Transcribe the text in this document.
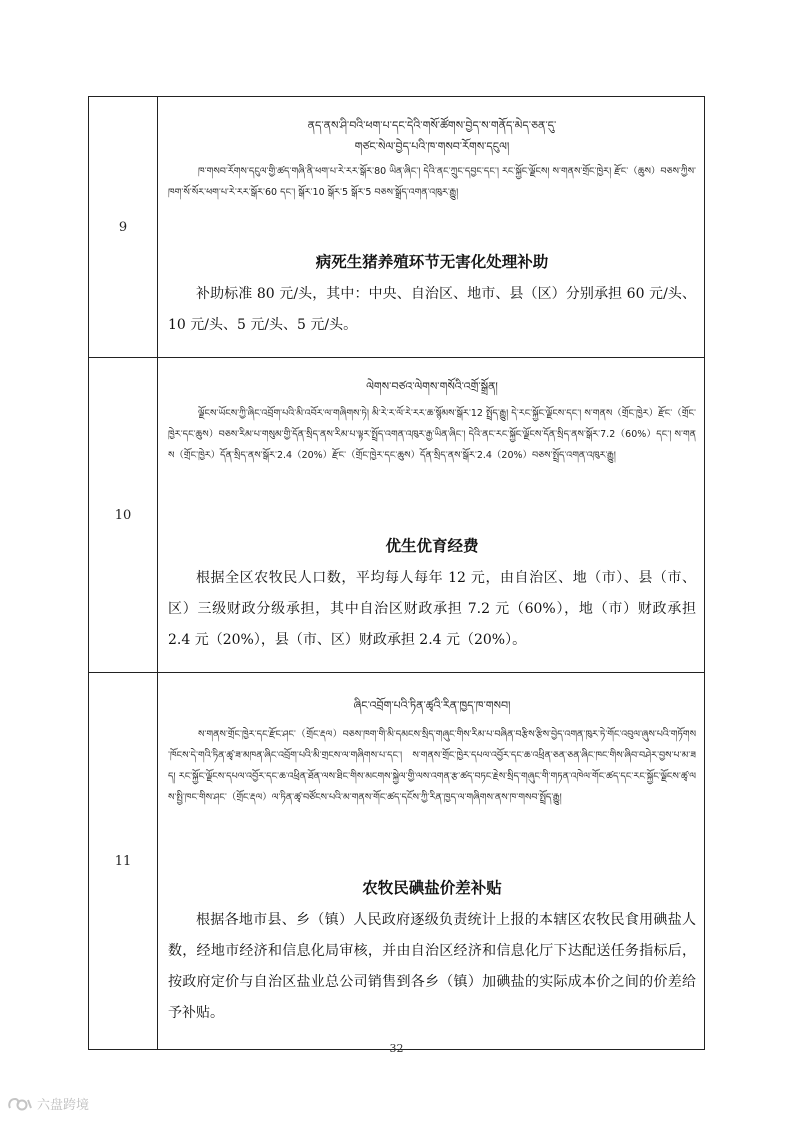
9	ནད་ནས་ཤི་བའི་ཕག་པ་དང་དེའི་གསོ་ཚོགས་བྱེད་ས་གནོད་མེད་ཅན་དུ་
གཙང་སེལ་བྱེད་པའི་ཁ་གསབ་རོགས་དངུལ།
ཁ་གསབ་རོགས་དངུལ་གྱི་ཚད་གཞི་ནི་ཕག་པ་རེ་རར་སྒོར་80 ཡིན་ཞིང་། དེའི་ནང་ཀྲུང་དབྱང་དང་། རང་སྐྱོང་ལྗོངས། ས་གནས་གྲོང་ཁྱེར། རྫོང་（ཆུས）བཅས་ཀྱིས་ཁག་སོ་སོར་ཕག་པ་རེ་རར་སྒོར་60 དང་། སྒོར་10 སྒོར་5 སྒོར་5 བཅས་སྒྲོད་འགན་འཁུར་རྒྱུ།
病死生猪养殖环节无害化处理补助

补助标准 80 元/头，其中：中央、自治区、地市、县（区）分别承担 60 元/头、10 元/头、5 元/头、5 元/头。

10	ལེགས་བཙའ་ལེགས་གསོའི་འགྲོ་སྒྲོན།
ལྗོངས་ཡོངས་ཀྱི་ཞིང་འབྲོག་པའི་མི་འབོར་ལ་གཞིགས་ཏེ། མི་རེ་ར་ལོ་རེ་རར་ཆ་སྙོམས་སྒོར་12 སྤྲོད་རྒྱུ། དེ་རང་སྐྱོང་ལྗོངས་དང་། ས་གནས（གྲོང་ཁྱེར）རྫོང་（གྲོང་ཁྱེར་དང་ཆུས）བཅས་རིམ་པ་གསུམ་གྱི་དོན་སྲིད་ནས་རིམ་པ་ལྟར་སྤྲོད་འགན་འཁུར་རྒྱ་ཡིན་ཞིང་། དེའི་ནང་རང་སྐྱོང་ལྗོངས་དོན་སྲིད་ནས་སྒོར་7.2（60%）དང་། ས་གནས（གྲོང་ཁྱེར）དོན་སྲིད་ནས་སྒོར་2.4（20%）རྫོང་（གྲོང་ཁྱེར་དང་ཆུས）དོན་སྲིད་ནས་སྒོར་2.4（20%）བཅས་སྤྲོད་འགན་འཁུར་རྒྱུ།
优生优育经费

根据全区农牧民人口数，平均每人每年 12 元，由自治区、地（市）、县（市、区）三级财政分级承担，其中自治区财政承担 7.2 元（60%），地（市）财政承担 2.4 元（20%），县（市、区）财政承担 2.4 元（20%）。

11	ཞིང་འབྲོག་པའི་ཏིན་ཚྭའི་རིན་ཁྱད་ཁ་གསབ།
ས་གནས་གྲོང་ཁྱེར་དང་རྫོང་ཤང་（གྲོང་རྡལ）བཅས་ཁག་གི་མི་དམངས་སྲིད་གཞུང་གིས་རིམ་པ་བཞིན་བརྩིས་རྩིས་བྱེད་འགན་ཁུར་ཏེ་གོང་འབུལ་ཞུས་པའི་གཏོགས་ཁོངས་དེ་གའི་ཏིན་ཚྭ་ཟ་མཁན་ཞིང་འབྲོག་པའི་མི་གྲངས་ལ་གཞིགས་པ་དང་། ས་གནས་གྲོང་ཁྱེར་དཔལ་འབྱོར་དང་ཆ་འཕྲིན་ཅན་ཅན་ཞིང་ཁང་གིས་ཞིབ་བཤེར་བྱས་པ་མ་ཟད། རང་སྐྱོང་ལྗོངས་དཔལ་འབྱོར་དང་ཆ་འཕྲིན་ཐོན་ལས་ཐིང་གིས་མངགས་སྐྱེལ་གྱི་ལས་འགན་རྩ་ཚད་བཏང་རྗེས་སྲིད་གཞུང་གི་གཏན་འཁེལ་གོང་ཚད་དང་རང་སྐྱོང་ལྗོངས་ཚྭ་ལས་སྤྱི་ཁང་གིས་ཤང་（གྲོང་རྡལ）ལ་ཏིན་ཚྭ་བཙོངས་པའི་མ་གནས་གོང་ཚད་དངོས་ཀྱི་རིན་ཁྱད་ལ་གཞིགས་ནས་ཁ་གསབ་སྤྲོད་རྒྱུ།
农牧民碘盐价差补贴

根据各地市县、乡（镇）人民政府逐级负责统计上报的本辖区农牧民食用碘盐人数，经地市经济和信息化局审核，并由自治区经济和信息化厅下达配送任务指标后，按政府定价与自治区盐业总公司销售到各乡（镇）加碘盐的实际成本价之间的价差给予补贴。

32
六盘跨境
